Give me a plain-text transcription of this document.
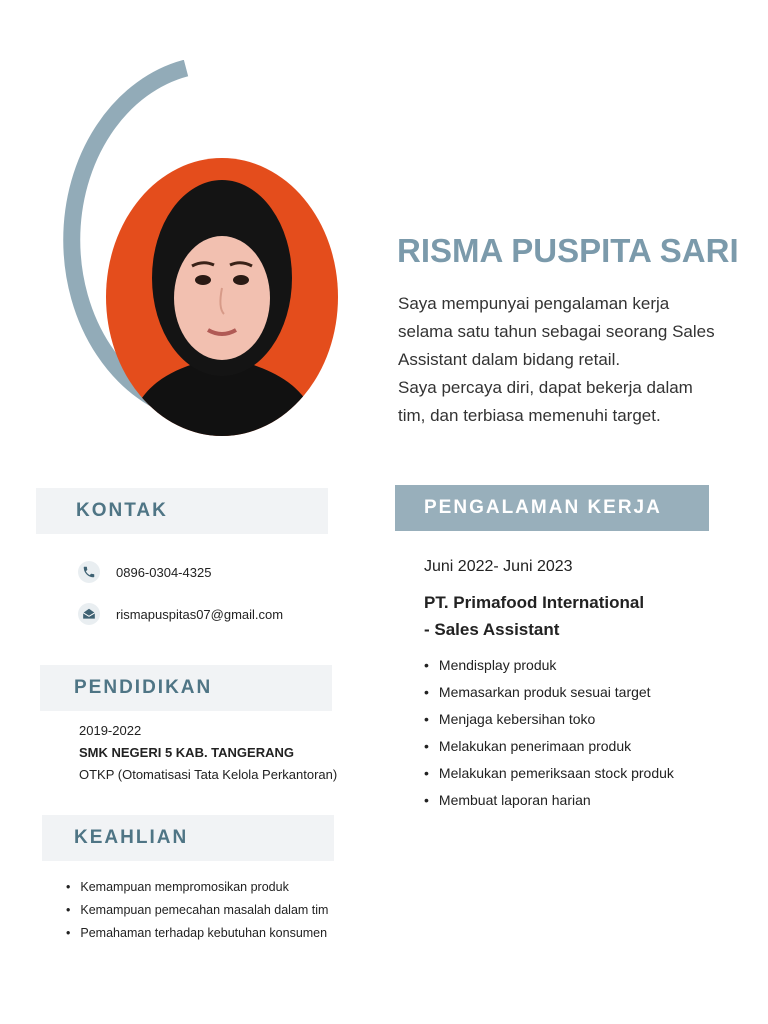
RISMA PUSPITA SARI

Saya mempunyai pengalaman kerja

selama satu tahun sebagai seorang Sales

Assistant dalam bidang retail.

Saya percaya diri, dapat bekerja dalam

tim, dan terbiasa memenuhi target.

KONTAK
0896-0304-4325
rismapuspitas07@gmail.com
PENDIDIKAN
2019-2022
SMK NEGERI 5 KAB. TANGERANG
OTKP (Otomatisasi Tata Kelola Perkantoran)
KEAHLIAN
• Kemampuan mempromosikan produk
• Kemampuan pemecahan masalah dalam tim
• Pemahaman terhadap kebutuhan konsumen
PENGALAMAN KERJA
Juni 2022- Juni 2023
PT. Primafood International
- Sales Assistant
• Mendisplay produk
• Memasarkan produk sesuai target
• Menjaga kebersihan toko
• Melakukan penerimaan produk
• Melakukan pemeriksaan stock produk
• Membuat laporan harian
